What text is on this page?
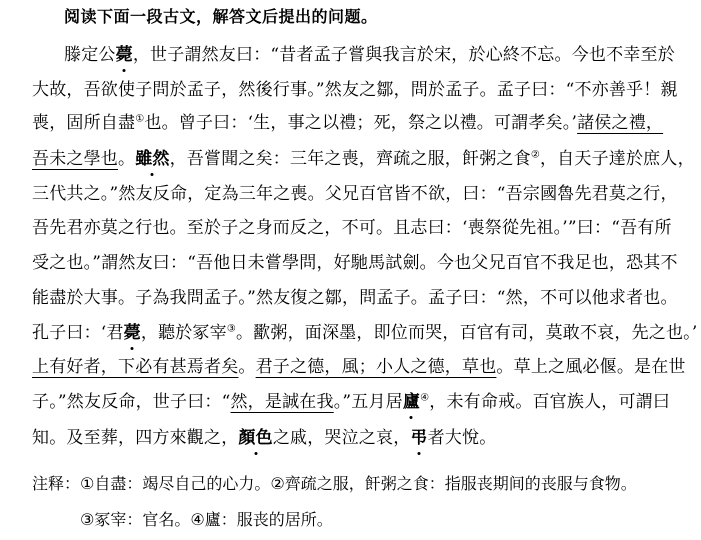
阅读下面一段古文，解答文后提出的问题。
滕定公薨，世子謂然友曰：“昔者孟子嘗與我言於宋，於心終不忘。今也不幸至於
大故，吾欲使子問於孟子，然後行事。”然友之鄒，問於孟子。孟子曰：“不亦善乎！親
喪，固所自盡①也。曾子曰：‘生，事之以禮；死，祭之以禮。可謂孝矣。’諸侯之禮，
吾未之學也。雖然，吾嘗聞之矣：三年之喪，齊疏之服，飦粥之食②，自天子達於庶人，
三代共之。”然友反命，定為三年之喪。父兄百官皆不欲，曰：“吾宗國魯先君莫之行，
吾先君亦莫之行也。至於子之身而反之，不可。且志曰：‘喪祭從先祖。’”曰：“吾有所
受之也。”謂然友曰：“吾他日未嘗學問，好馳馬試劍。今也父兄百官不我足也，恐其不
能盡於大事。子為我問孟子。”然友復之鄒，問孟子。孟子曰：“然，不可以他求者也。
孔子曰：‘君薨，聽於冢宰③。歠粥，面深墨，即位而哭，百官有司，莫敢不哀，先之也。’
上有好者，下必有甚焉者矣。君子之德，風；小人之德，草也。草上之風必偃。是在世
子。”然友反命，世子曰：“然，是誠在我。”五月居廬④，未有命戒。百官族人，可謂曰
知。及至葬，四方來觀之，顏色之戚，哭泣之哀，弔者大悅。
注释：①自盡：竭尽自己的心力。②齊疏之服，飦粥之食：指服丧期间的丧服与食物。
③冢宰：官名。④廬：服丧的居所。
